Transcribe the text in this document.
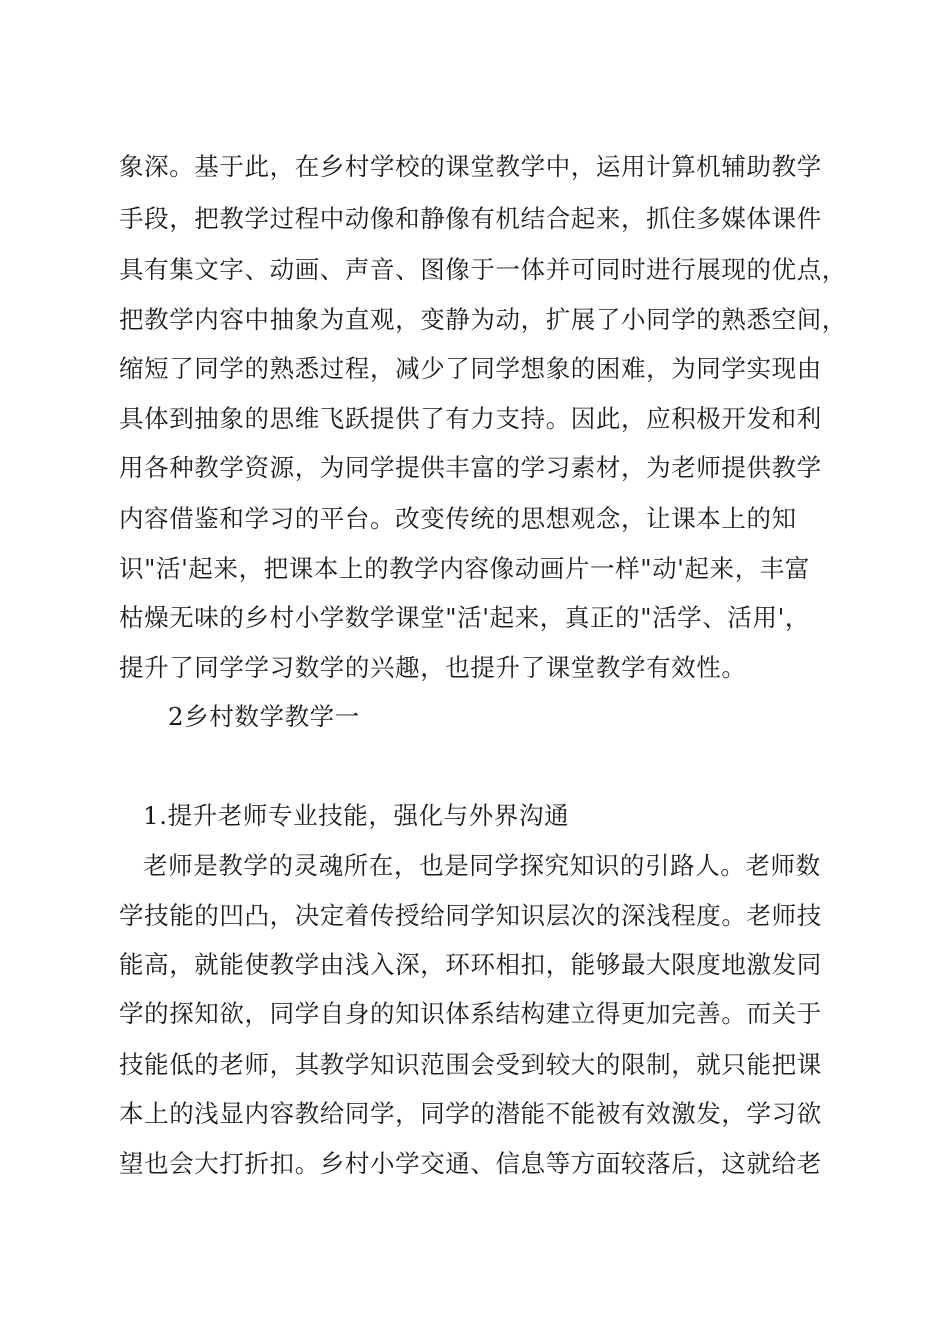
象深。基于此，在乡村学校的课堂教学中，运用计算机辅助教学
手段，把教学过程中动像和静像有机结合起来，抓住多媒体课件
具有集文字、动画、声音、图像于一体并可同时进行展现的优点，
把教学内容中抽象为直观，变静为动，扩展了小同学的熟悉空间，
缩短了同学的熟悉过程，减少了同学想象的困难，为同学实现由
具体到抽象的思维飞跃提供了有力支持。因此，应积极开发和利
用各种教学资源，为同学提供丰富的学习素材，为老师提供教学
内容借鉴和学习的平台。改变传统的思想观念，让课本上的知
识"活'起来，把课本上的教学内容像动画片一样"动'起来，丰富
枯燥无味的乡村小学数学课堂"活'起来，真正的"活学、活用'，
提升了同学学习数学的兴趣，也提升了课堂教学有效性。
2乡村数学教学一
1.提升老师专业技能，强化与外界沟通
老师是教学的灵魂所在，也是同学探究知识的引路人。老师数
学技能的凹凸，决定着传授给同学知识层次的深浅程度。老师技
能高，就能使教学由浅入深，环环相扣，能够最大限度地激发同
学的探知欲，同学自身的知识体系结构建立得更加完善。而关于
技能低的老师，其教学知识范围会受到较大的限制，就只能把课
本上的浅显内容教给同学，同学的潜能不能被有效激发，学习欲
望也会大打折扣。乡村小学交通、信息等方面较落后，这就给老
